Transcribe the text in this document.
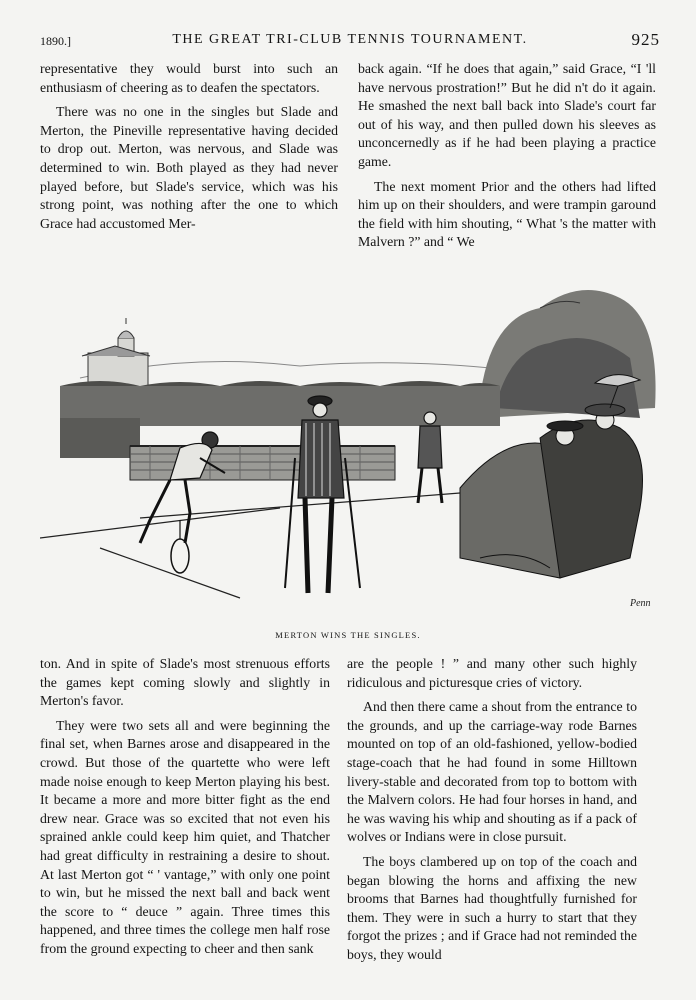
1890.]	THE GREAT TRI-CLUB TENNIS TOURNAMENT.	925

representative they would burst into such an enthusiasm of cheering as to deafen the spectators.

There was no one in the singles but Slade and Merton, the Pineville representative having decided to drop out. Merton, was nervous, and Slade was determined to win. Both played as they had never played before, but Slade's service, which was his strong point, was nothing after the one to which Grace had accustomed Mer-

back again. “If he does that again,” said Grace, “I 'll have nervous prostration!” But he did n't do it again. He smashed the next ball back into Slade's court far out of his way, and then pulled down his sleeves as unconcernedly as if he had been playing a practice game.

The next moment Prior and the others had lifted him up on their shoulders, and were trampin garound the field with him shouting, “ What 's the matter with Malvern ?” and “ We

Penn
MERTON WINS THE SINGLES.

ton. And in spite of Slade's most strenuous efforts the games kept coming slowly and slightly in Merton's favor.

They were two sets all and were beginning the final set, when Barnes arose and disappeared in the crowd. But those of the quartette who were left made noise enough to keep Merton playing his best. It became a more and more bitter fight as the end drew near. Grace was so excited that not even his sprained ankle could keep him quiet, and Thatcher had great difficulty in restraining a desire to shout. At last Merton got “ ' vantage,” with only one point to win, but he missed the next ball and back went the score to “ deuce ” again. Three times this happened, and three times the college men half rose from the ground expecting to cheer and then sank

are the people ! ” and many other such highly ridiculous and picturesque cries of victory.

And then there came a shout from the entrance to the grounds, and up the carriage-way rode Barnes mounted on top of an old-fashioned, yellow-bodied stage-coach that he had found in some Hilltown livery-stable and decorated from top to bottom with the Malvern colors. He had four horses in hand, and he was waving his whip and shouting as if a pack of wolves or Indians were in close pursuit.

The boys clambered up on top of the coach and began blowing the horns and affixing the new brooms that Barnes had thoughtfully furnished for them. They were in such a hurry to start that they forgot the prizes ; and if Grace had not reminded the boys, they would
